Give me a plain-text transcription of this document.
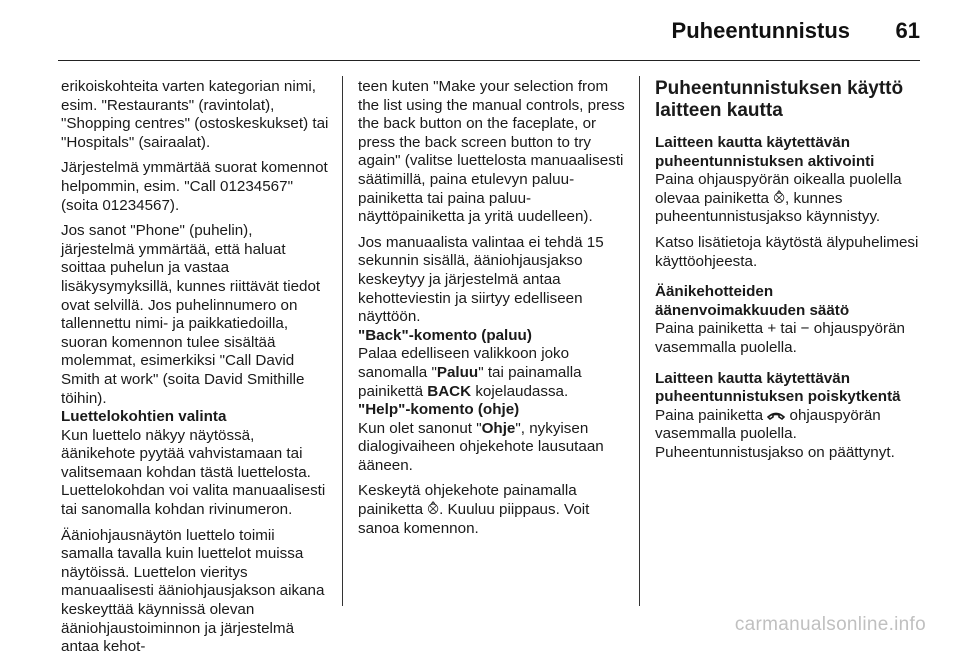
Puheentunnistus 61

erikoiskohteita varten kategorian nimi, esim. "Restaurants" (ravintolat), "Shopping centres" (ostoskeskukset) tai "Hospitals" (sairaalat).

Järjestelmä ymmärtää suorat komennot helpommin, esim. "Call 01234567" (soita 01234567).

Jos sanot "Phone" (puhelin), järjestelmä ymmärtää, että haluat soittaa puhelun ja vastaa lisäkysymyksillä, kunnes riittävät tiedot ovat selvillä. Jos puhelinnumero on tallennettu nimi- ja paikkatiedoilla, suoran komennon tulee sisältää molemmat, esimerkiksi "Call David Smith at work" (soita David Smithille töihin).

Luettelokohtien valinta

Kun luettelo näkyy näytössä, äänikehote pyytää vahvistamaan tai valitsemaan kohdan tästä luettelosta. Luettelokohdan voi valita manuaalisesti tai sanomalla kohdan rivinumeron.

Ääniohjausnäytön luettelo toimii samalla tavalla kuin luettelot muissa näytöissä. Luettelon vieritys manuaalisesti ääniohjausjakson aikana keskeyttää käynnissä olevan ääniohjaustoiminnon ja järjestelmä antaa kehot-

teen kuten "Make your selection from the list using the manual controls, press the back button on the faceplate, or press the back screen button to try again" (valitse luettelosta manuaalisesti säätimillä, paina etulevyn paluu-painiketta tai paina paluu-näyttöpainiketta ja yritä uudelleen).

Jos manuaalista valintaa ei tehdä 15 sekunnin sisällä, ääniohjausjakso keskeytyy ja järjestelmä antaa kehotteviestin ja siirtyy edelliseen näyttöön.

"Back"-komento (paluu)

Palaa edelliseen valikkoon joko sanomalla "Paluu" tai painamalla painikettä BACK kojelaudassa.

"Help"-komento (ohje)

Kun olet sanonut "Ohje", nykyisen dialogivaiheen ohjekehote lausutaan ääneen.

Keskeytä ohjekehote painamalla painiketta ⨶. Kuuluu piippaus. Voit sanoa komennon.

Puheentunnistuksen käyttö laitteen kautta

Laitteen kautta käytettävän puheentunnistuksen aktivointi

Paina ohjauspyörän oikealla puolella olevaa painiketta ⨶, kunnes puheentunnistusjakso käynnistyy.

Katso lisätietoja käytöstä älypuhelimesi käyttöohjeesta.

Äänikehotteiden äänenvoimakkuuden säätö

Paina painiketta + tai − ohjauspyörän vasemmalla puolella.

Laitteen kautta käytettävän puheentunnistuksen poiskytkentä

Paina painiketta  ohjauspyörän vasemmalla puolella. Puheentunnistusjakso on päättynyt.

carmanualsonline.info
